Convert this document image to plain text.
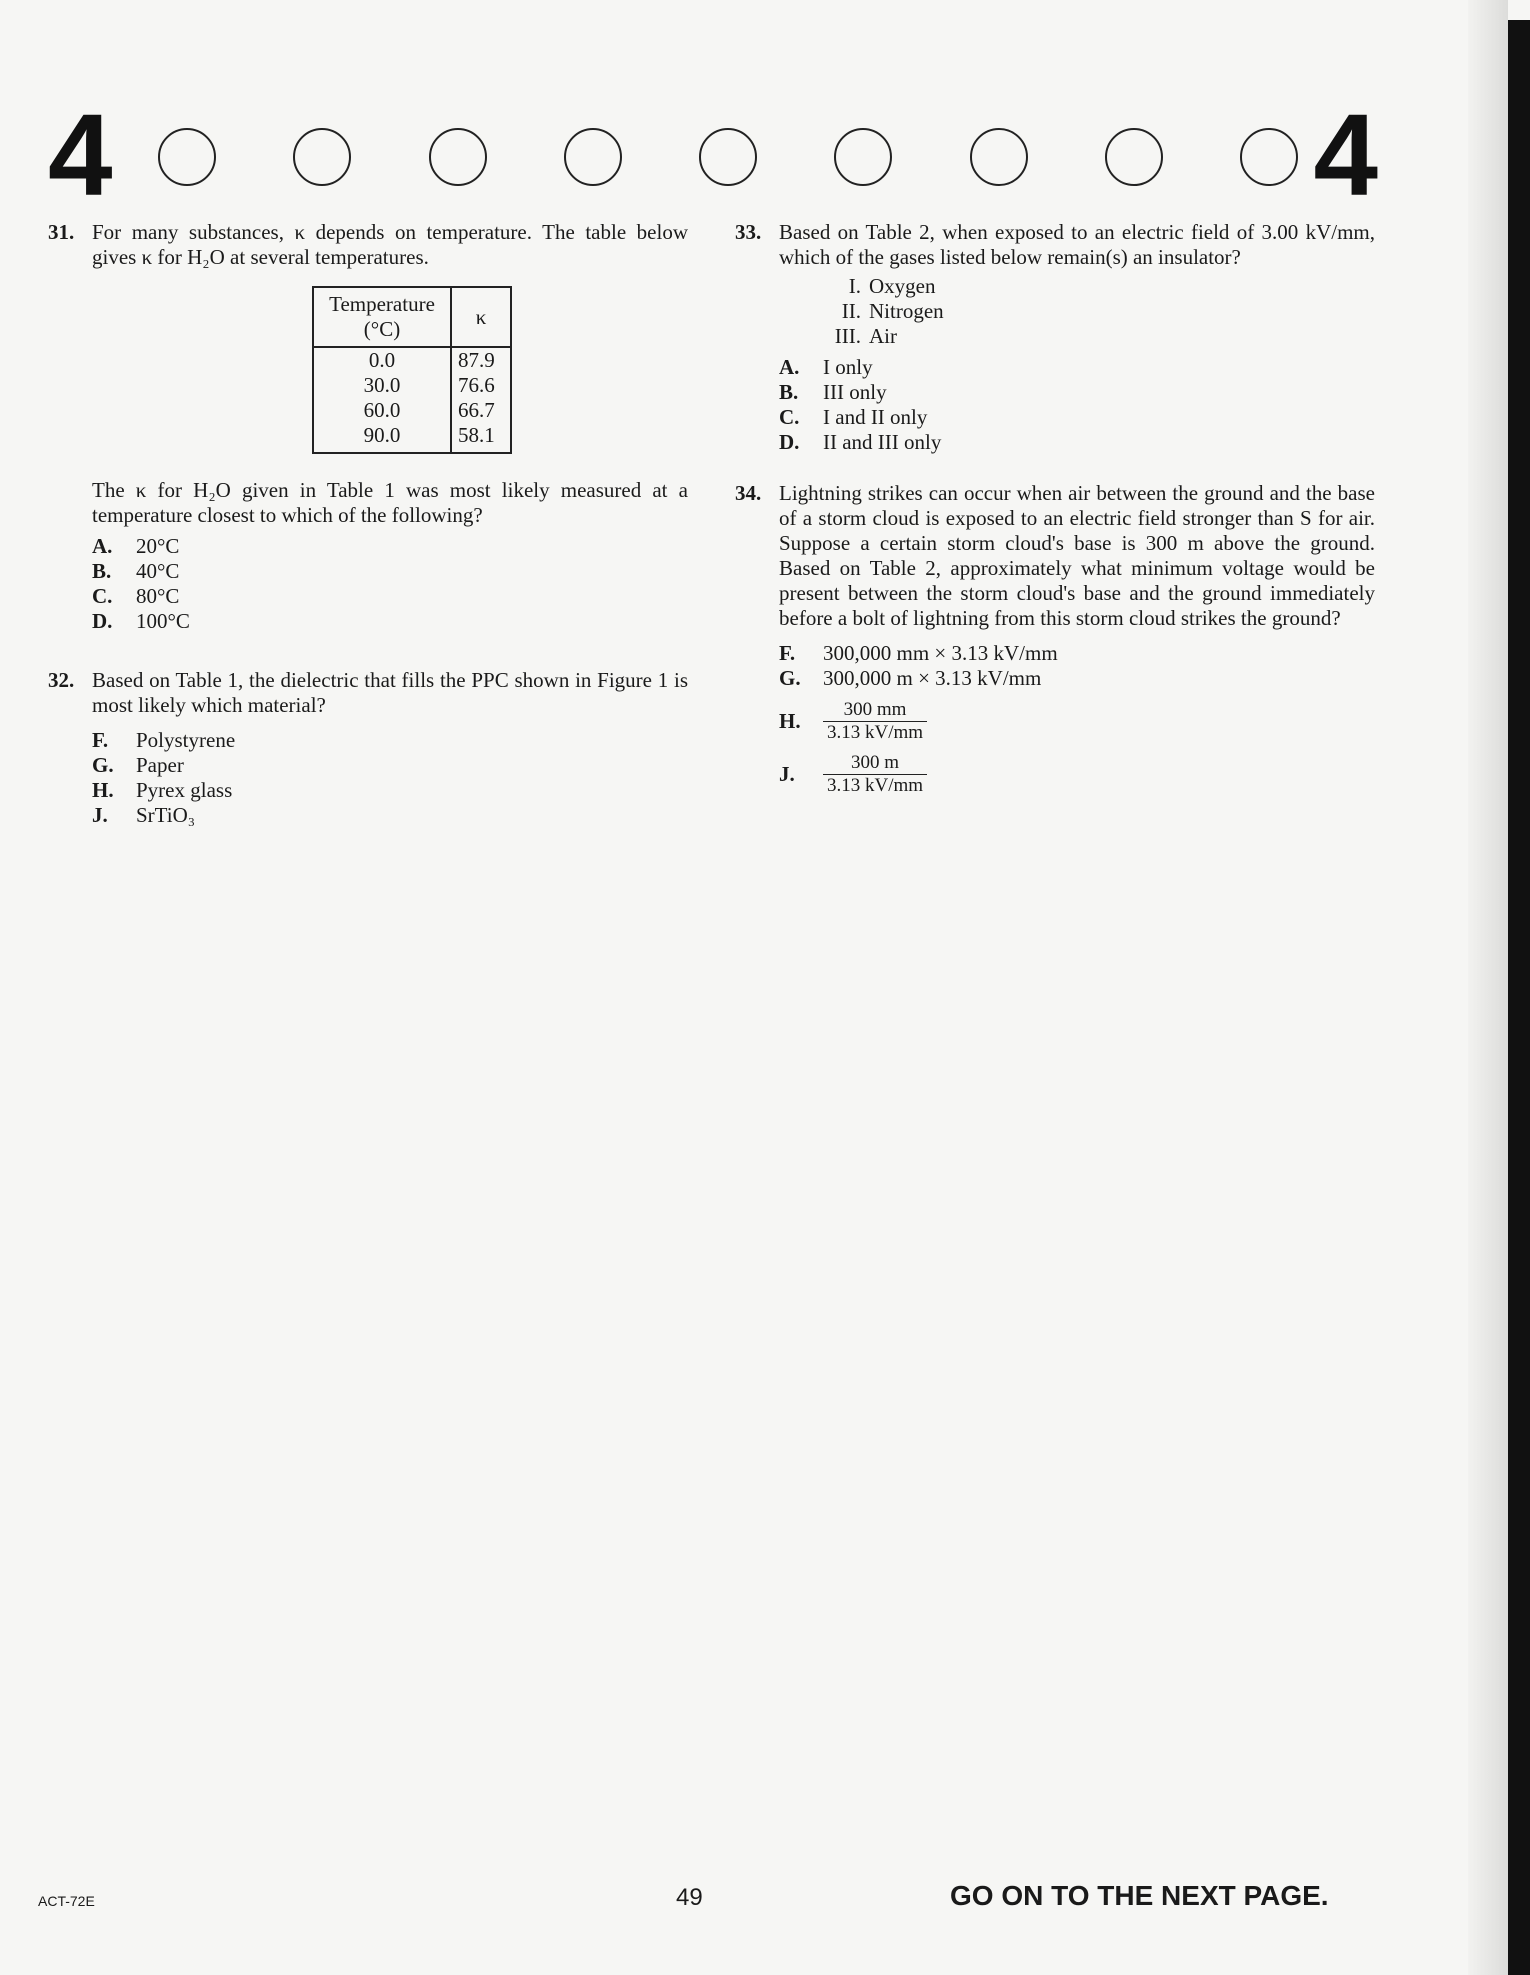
4	4
31. For many substances, κ depends on temperature. The table below gives κ for H₂O at several temperatures.
Temperature (°C)	κ
0.0	87.9
30.0	76.6
60.0	66.7
90.0	58.1
The κ for H₂O given in Table 1 was most likely measured at a temperature closest to which of the following?
A.	20°C
B.	40°C
C.	80°C
D.	100°C
32. Based on Table 1, the dielectric that fills the PPC shown in Figure 1 is most likely which material?
F.	Polystyrene
G.	Paper
H.	Pyrex glass
J.	SrTiO₃
33. Based on Table 2, when exposed to an electric field of 3.00 kV/mm, which of the gases listed below remain(s) an insulator?
I. Oxygen
II. Nitrogen
III. Air
A.	I only
B.	III only
C.	I and II only
D.	II and III only
34. Lightning strikes can occur when air between the ground and the base of a storm cloud is exposed to an electric field stronger than S for air. Suppose a certain storm cloud's base is 300 m above the ground. Based on Table 2, approximately what minimum voltage would be present between the storm cloud's base and the ground immediately before a bolt of lightning from this storm cloud strikes the ground?
F.	300,000 mm × 3.13 kV/mm
G.	300,000 m × 3.13 kV/mm
H.	$\frac{300 mm}{3.13 kV/mm}$
J.	$\frac{300 m}{3.13 kV/mm}$
ACT-72E	49	GO ON TO THE NEXT PAGE.
